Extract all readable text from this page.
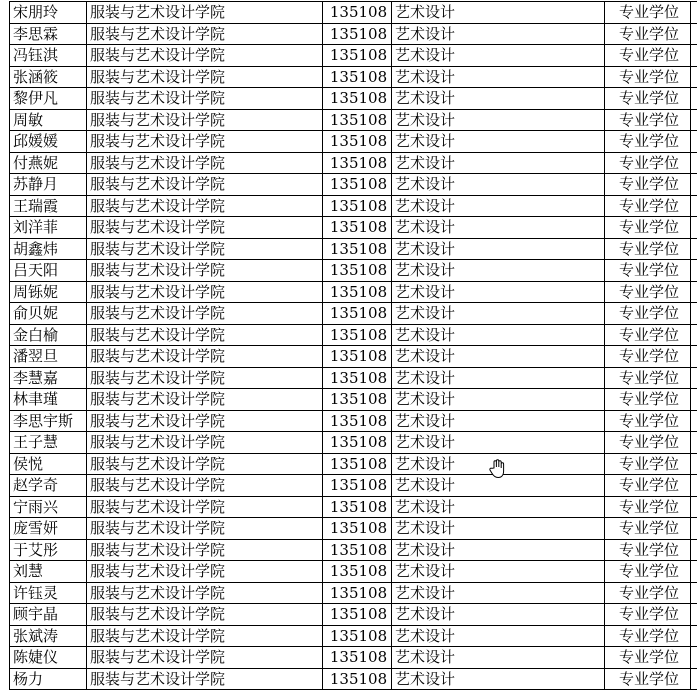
宋朋玲	服装与艺术设计学院	135108	艺术设计	专业学位	
李思霖	服装与艺术设计学院	135108	艺术设计	专业学位	
冯钰淇	服装与艺术设计学院	135108	艺术设计	专业学位	
张涵筱	服装与艺术设计学院	135108	艺术设计	专业学位	
黎伊凡	服装与艺术设计学院	135108	艺术设计	专业学位	
周敏	服装与艺术设计学院	135108	艺术设计	专业学位	
邱媛媛	服装与艺术设计学院	135108	艺术设计	专业学位	
付燕妮	服装与艺术设计学院	135108	艺术设计	专业学位	
苏静月	服装与艺术设计学院	135108	艺术设计	专业学位	
王瑞霞	服装与艺术设计学院	135108	艺术设计	专业学位	
刘洋菲	服装与艺术设计学院	135108	艺术设计	专业学位	
胡鑫炜	服装与艺术设计学院	135108	艺术设计	专业学位	
吕天阳	服装与艺术设计学院	135108	艺术设计	专业学位	
周铄妮	服装与艺术设计学院	135108	艺术设计	专业学位	
俞贝妮	服装与艺术设计学院	135108	艺术设计	专业学位	
金白榆	服装与艺术设计学院	135108	艺术设计	专业学位	
潘翌旦	服装与艺术设计学院	135108	艺术设计	专业学位	
李慧嘉	服装与艺术设计学院	135108	艺术设计	专业学位	
林聿瑾	服装与艺术设计学院	135108	艺术设计	专业学位	
李思宇斯	服装与艺术设计学院	135108	艺术设计	专业学位	
王子慧	服装与艺术设计学院	135108	艺术设计	专业学位	
侯悦	服装与艺术设计学院	135108	艺术设计	专业学位	
赵学奇	服装与艺术设计学院	135108	艺术设计	专业学位	
宁雨兴	服装与艺术设计学院	135108	艺术设计	专业学位	
庞雪妍	服装与艺术设计学院	135108	艺术设计	专业学位	
于艾彤	服装与艺术设计学院	135108	艺术设计	专业学位	
刘慧	服装与艺术设计学院	135108	艺术设计	专业学位	
许钰灵	服装与艺术设计学院	135108	艺术设计	专业学位	
顾宇晶	服装与艺术设计学院	135108	艺术设计	专业学位	
张斌涛	服装与艺术设计学院	135108	艺术设计	专业学位	
陈婕仪	服装与艺术设计学院	135108	艺术设计	专业学位	
杨力	服装与艺术设计学院	135108	艺术设计	专业学位	
